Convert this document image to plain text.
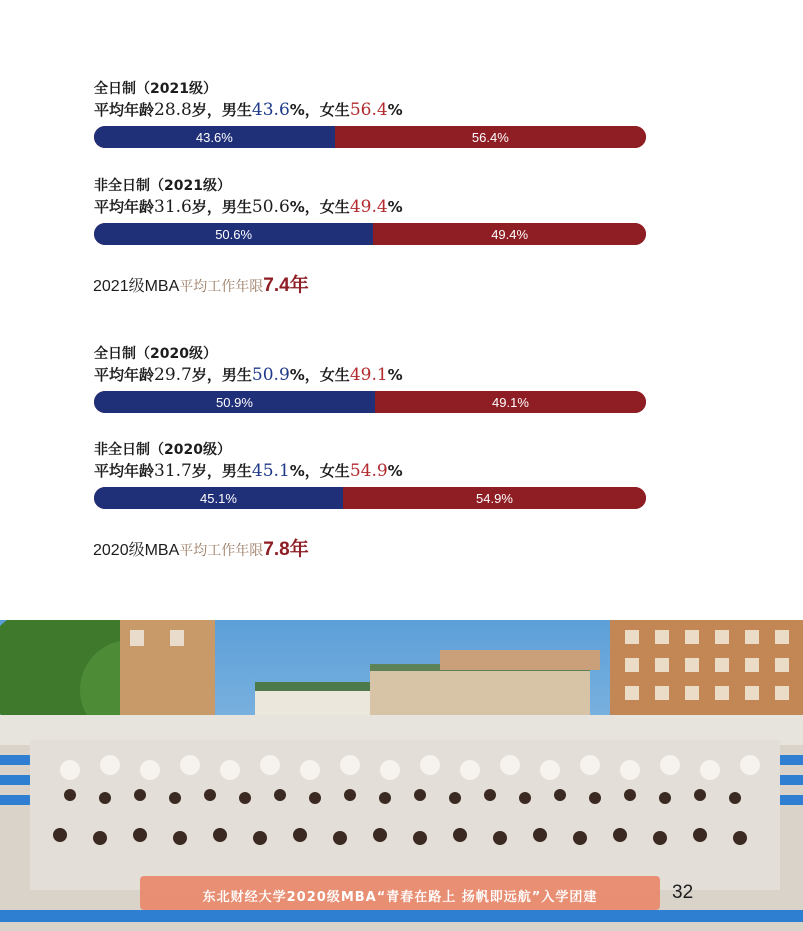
全日制（2021级）
平均年龄28.8岁，男生43.6%，女生56.4%
43.6%	56.4%
非全日制（2021级）
平均年龄31.6岁，男生50.6%，女生49.4%
50.6%	49.4%
2021级MBA平均工作年限7.4年
全日制（2020级）
平均年龄29.7岁，男生50.9%，女生49.1%
50.9%	49.1%
非全日制（2020级）
平均年龄31.7岁，男生45.1%，女生54.9%
45.1%	54.9%
2020级MBA平均工作年限7.8年
东北财经大学2020级MBA“青春在路上 扬帆即远航”入学团建	32
